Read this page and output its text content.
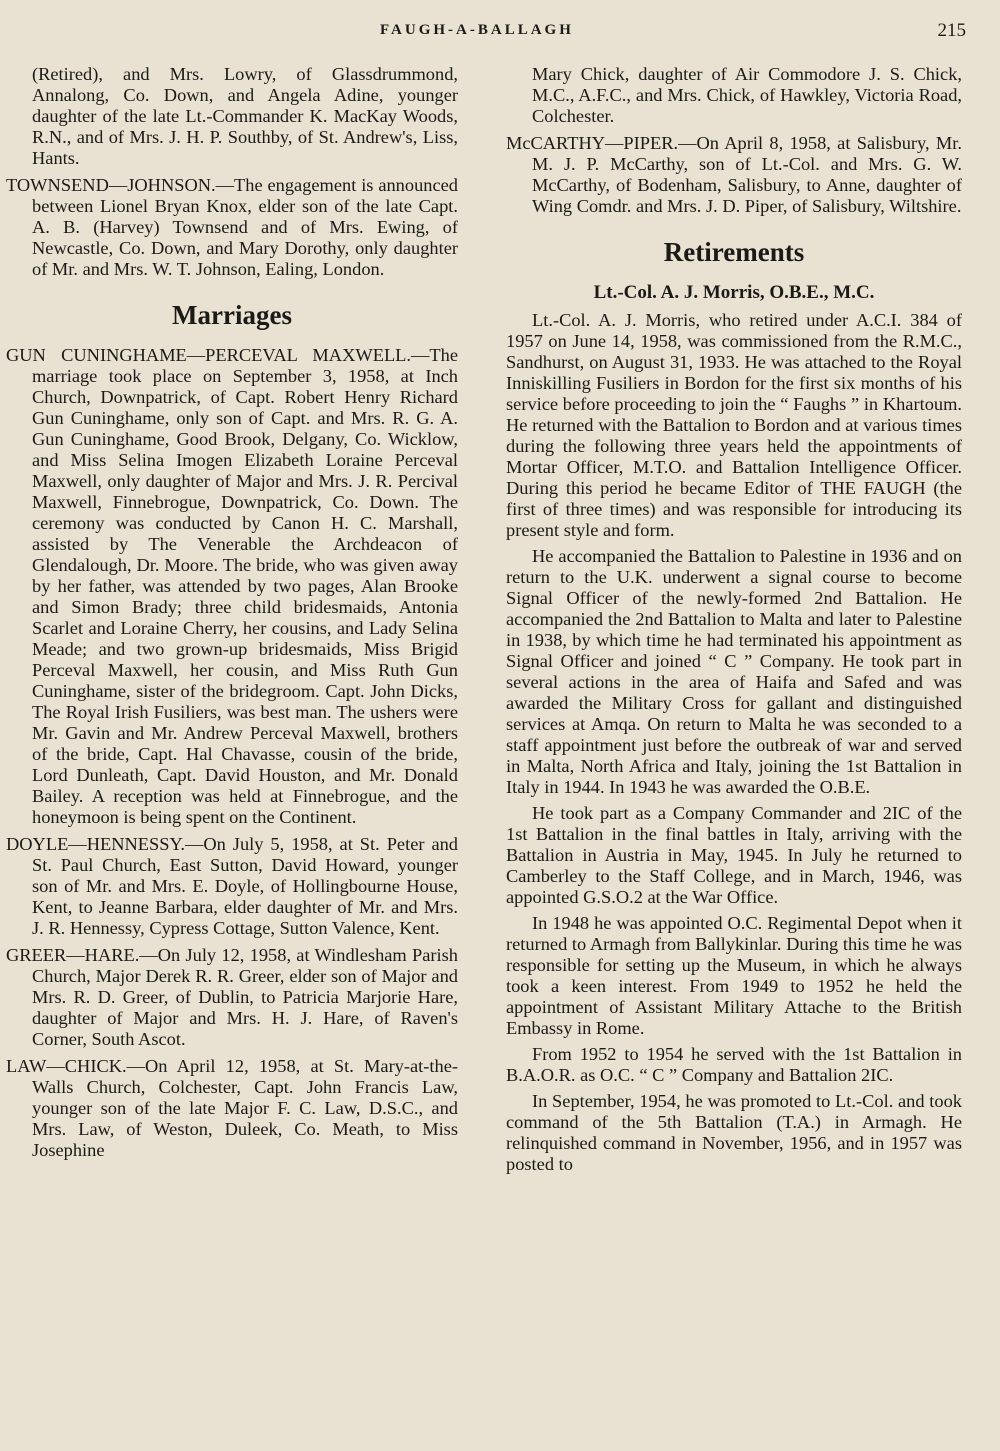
FAUGH-A-BALLAGH	215

(Retired), and Mrs. Lowry, of Glassdrummond, Annalong, Co. Down, and Angela Adine, younger daughter of the late Lt.-Commander K. MacKay Woods, R.N., and of Mrs. J. H. P. Southby, of St. Andrew's, Liss, Hants.

TOWNSEND—JOHNSON.—The engagement is announced between Lionel Bryan Knox, elder son of the late Capt. A. B. (Harvey) Townsend and of Mrs. Ewing, of Newcastle, Co. Down, and Mary Dorothy, only daughter of Mr. and Mrs. W. T. Johnson, Ealing, London.

Marriages

GUN CUNINGHAME—PERCEVAL MAXWELL.—The marriage took place on September 3, 1958, at Inch Church, Downpatrick, of Capt. Robert Henry Richard Gun Cuninghame, only son of Capt. and Mrs. R. G. A. Gun Cuninghame, Good Brook, Delgany, Co. Wicklow, and Miss Selina Imogen Elizabeth Loraine Perceval Maxwell, only daughter of Major and Mrs. J. R. Percival Maxwell, Finnebrogue, Downpatrick, Co. Down. The ceremony was conducted by Canon H. C. Marshall, assisted by The Venerable the Archdeacon of Glendalough, Dr. Moore. The bride, who was given away by her father, was attended by two pages, Alan Brooke and Simon Brady; three child bridesmaids, Antonia Scarlet and Loraine Cherry, her cousins, and Lady Selina Meade; and two grown-up bridesmaids, Miss Brigid Perceval Maxwell, her cousin, and Miss Ruth Gun Cuninghame, sister of the bridegroom. Capt. John Dicks, The Royal Irish Fusiliers, was best man. The ushers were Mr. Gavin and Mr. Andrew Perceval Maxwell, brothers of the bride, Capt. Hal Chavasse, cousin of the bride, Lord Dunleath, Capt. David Houston, and Mr. Donald Bailey. A reception was held at Finnebrogue, and the honeymoon is being spent on the Continent.

DOYLE—HENNESSY.—On July 5, 1958, at St. Peter and St. Paul Church, East Sutton, David Howard, younger son of Mr. and Mrs. E. Doyle, of Hollingbourne House, Kent, to Jeanne Barbara, elder daughter of Mr. and Mrs. J. R. Hennessy, Cypress Cottage, Sutton Valence, Kent.

GREER—HARE.—On July 12, 1958, at Windlesham Parish Church, Major Derek R. R. Greer, elder son of Major and Mrs. R. D. Greer, of Dublin, to Patricia Marjorie Hare, daughter of Major and Mrs. H. J. Hare, of Raven's Corner, South Ascot.

LAW—CHICK.—On April 12, 1958, at St. Mary-at-the-Walls Church, Colchester, Capt. John Francis Law, younger son of the late Major F. C. Law, D.S.C., and Mrs. Law, of Weston, Duleek, Co. Meath, to Miss Josephine

Mary Chick, daughter of Air Commodore J. S. Chick, M.C., A.F.C., and Mrs. Chick, of Hawkley, Victoria Road, Colchester.

McCARTHY—PIPER.—On April 8, 1958, at Salisbury, Mr. M. J. P. McCarthy, son of Lt.-Col. and Mrs. G. W. McCarthy, of Bodenham, Salisbury, to Anne, daughter of Wing Comdr. and Mrs. J. D. Piper, of Salisbury, Wiltshire.

Retirements
Lt.-Col. A. J. Morris, O.B.E., M.C.

Lt.-Col. A. J. Morris, who retired under A.C.I. 384 of 1957 on June 14, 1958, was commissioned from the R.M.C., Sandhurst, on August 31, 1933. He was attached to the Royal Inniskilling Fusiliers in Bordon for the first six months of his service before proceeding to join the “ Faughs ” in Khartoum. He returned with the Battalion to Bordon and at various times during the following three years held the appointments of Mortar Officer, M.T.O. and Battalion Intelligence Officer. During this period he became Editor of THE FAUGH (the first of three times) and was responsible for introducing its present style and form.

He accompanied the Battalion to Palestine in 1936 and on return to the U.K. underwent a signal course to become Signal Officer of the newly-formed 2nd Battalion. He accompanied the 2nd Battalion to Malta and later to Palestine in 1938, by which time he had terminated his appointment as Signal Officer and joined “ C ” Company. He took part in several actions in the area of Haifa and Safed and was awarded the Military Cross for gallant and distinguished services at Amqa. On return to Malta he was seconded to a staff appointment just before the outbreak of war and served in Malta, North Africa and Italy, joining the 1st Battalion in Italy in 1944. In 1943 he was awarded the O.B.E.

He took part as a Company Commander and 2IC of the 1st Battalion in the final battles in Italy, arriving with the Battalion in Austria in May, 1945. In July he returned to Camberley to the Staff College, and in March, 1946, was appointed G.S.O.2 at the War Office.

In 1948 he was appointed O.C. Regimental Depot when it returned to Armagh from Ballykinlar. During this time he was responsible for setting up the Museum, in which he always took a keen interest. From 1949 to 1952 he held the appointment of Assistant Military Attache to the British Embassy in Rome.

From 1952 to 1954 he served with the 1st Battalion in B.A.O.R. as O.C. “ C ” Company and Battalion 2IC.

In September, 1954, he was promoted to Lt.-Col. and took command of the 5th Battalion (T.A.) in Armagh. He relinquished command in November, 1956, and in 1957 was posted to
